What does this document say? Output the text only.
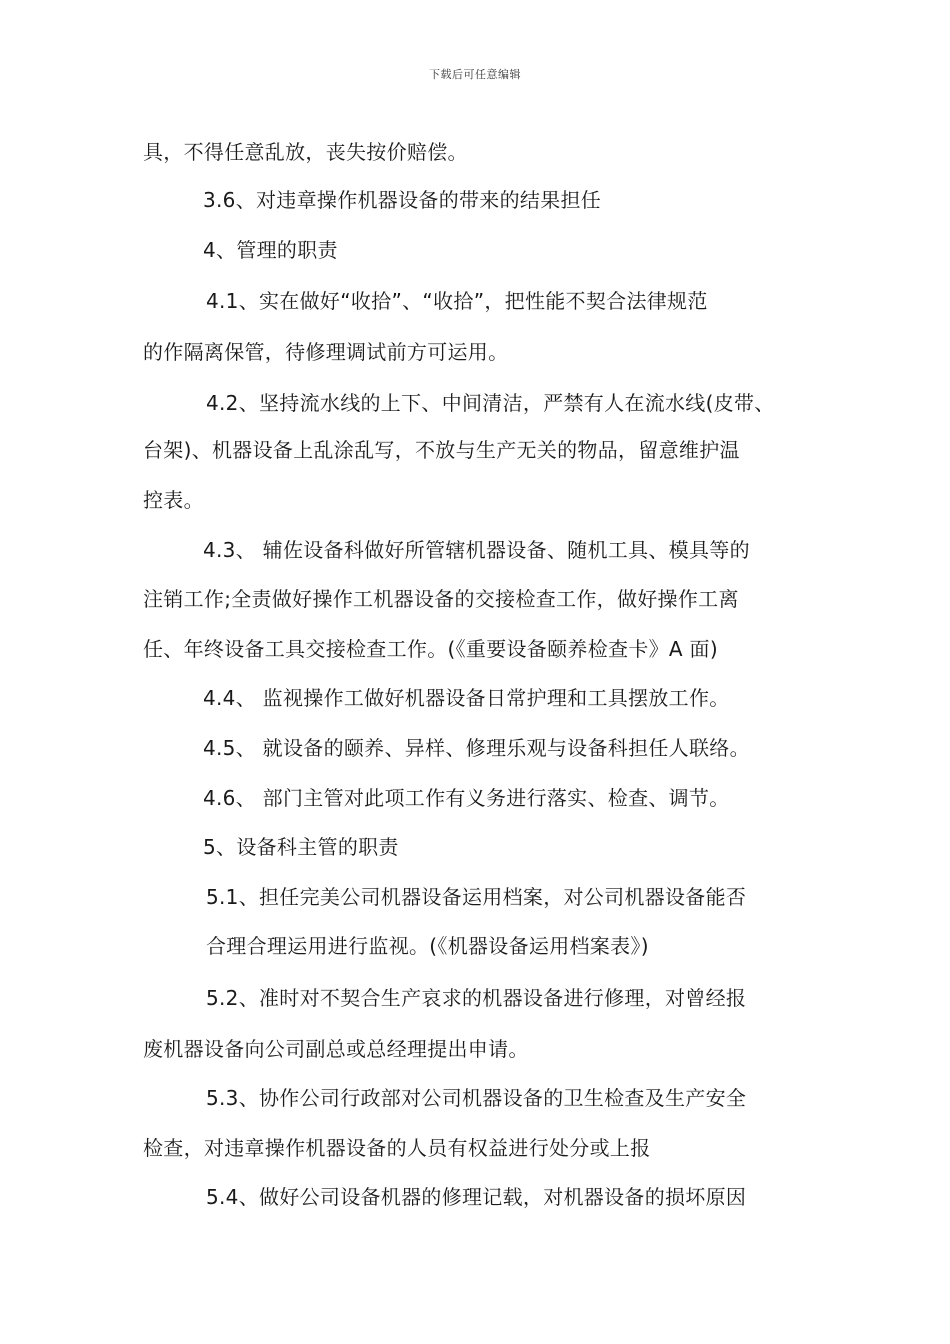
下载后可任意编辑
具，不得任意乱放，丧失按价赔偿。
3.6、对违章操作机器设备的带来的结果担任
4、管理的职责
4.1、实在做好“收拾”、“收拾”，把性能不契合法律规范
的作隔离保管，待修理调试前方可运用。
4.2、坚持流水线的上下、中间清洁，严禁有人在流水线(皮带、
台架)、机器设备上乱涂乱写，不放与生产无关的物品，留意维护温
控表。
4.3、 辅佐设备科做好所管辖机器设备、随机工具、模具等的
注销工作;全责做好操作工机器设备的交接检查工作，做好操作工离
任、年终设备工具交接检查工作。(《重要设备颐养检查卡》A 面)
4.4、 监视操作工做好机器设备日常护理和工具摆放工作。
4.5、 就设备的颐养、异样、修理乐观与设备科担任人联络。
4.6、 部门主管对此项工作有义务进行落实、检查、调节。
5、设备科主管的职责
5.1、担任完美公司机器设备运用档案，对公司机器设备能否
合理合理运用进行监视。(《机器设备运用档案表》)
5.2、准时对不契合生产哀求的机器设备进行修理，对曾经报
废机器设备向公司副总或总经理提出申请。
5.3、协作公司行政部对公司机器设备的卫生检查及生产安全
检查，对违章操作机器设备的人员有权益进行处分或上报
5.4、做好公司设备机器的修理记载，对机器设备的损坏原因
